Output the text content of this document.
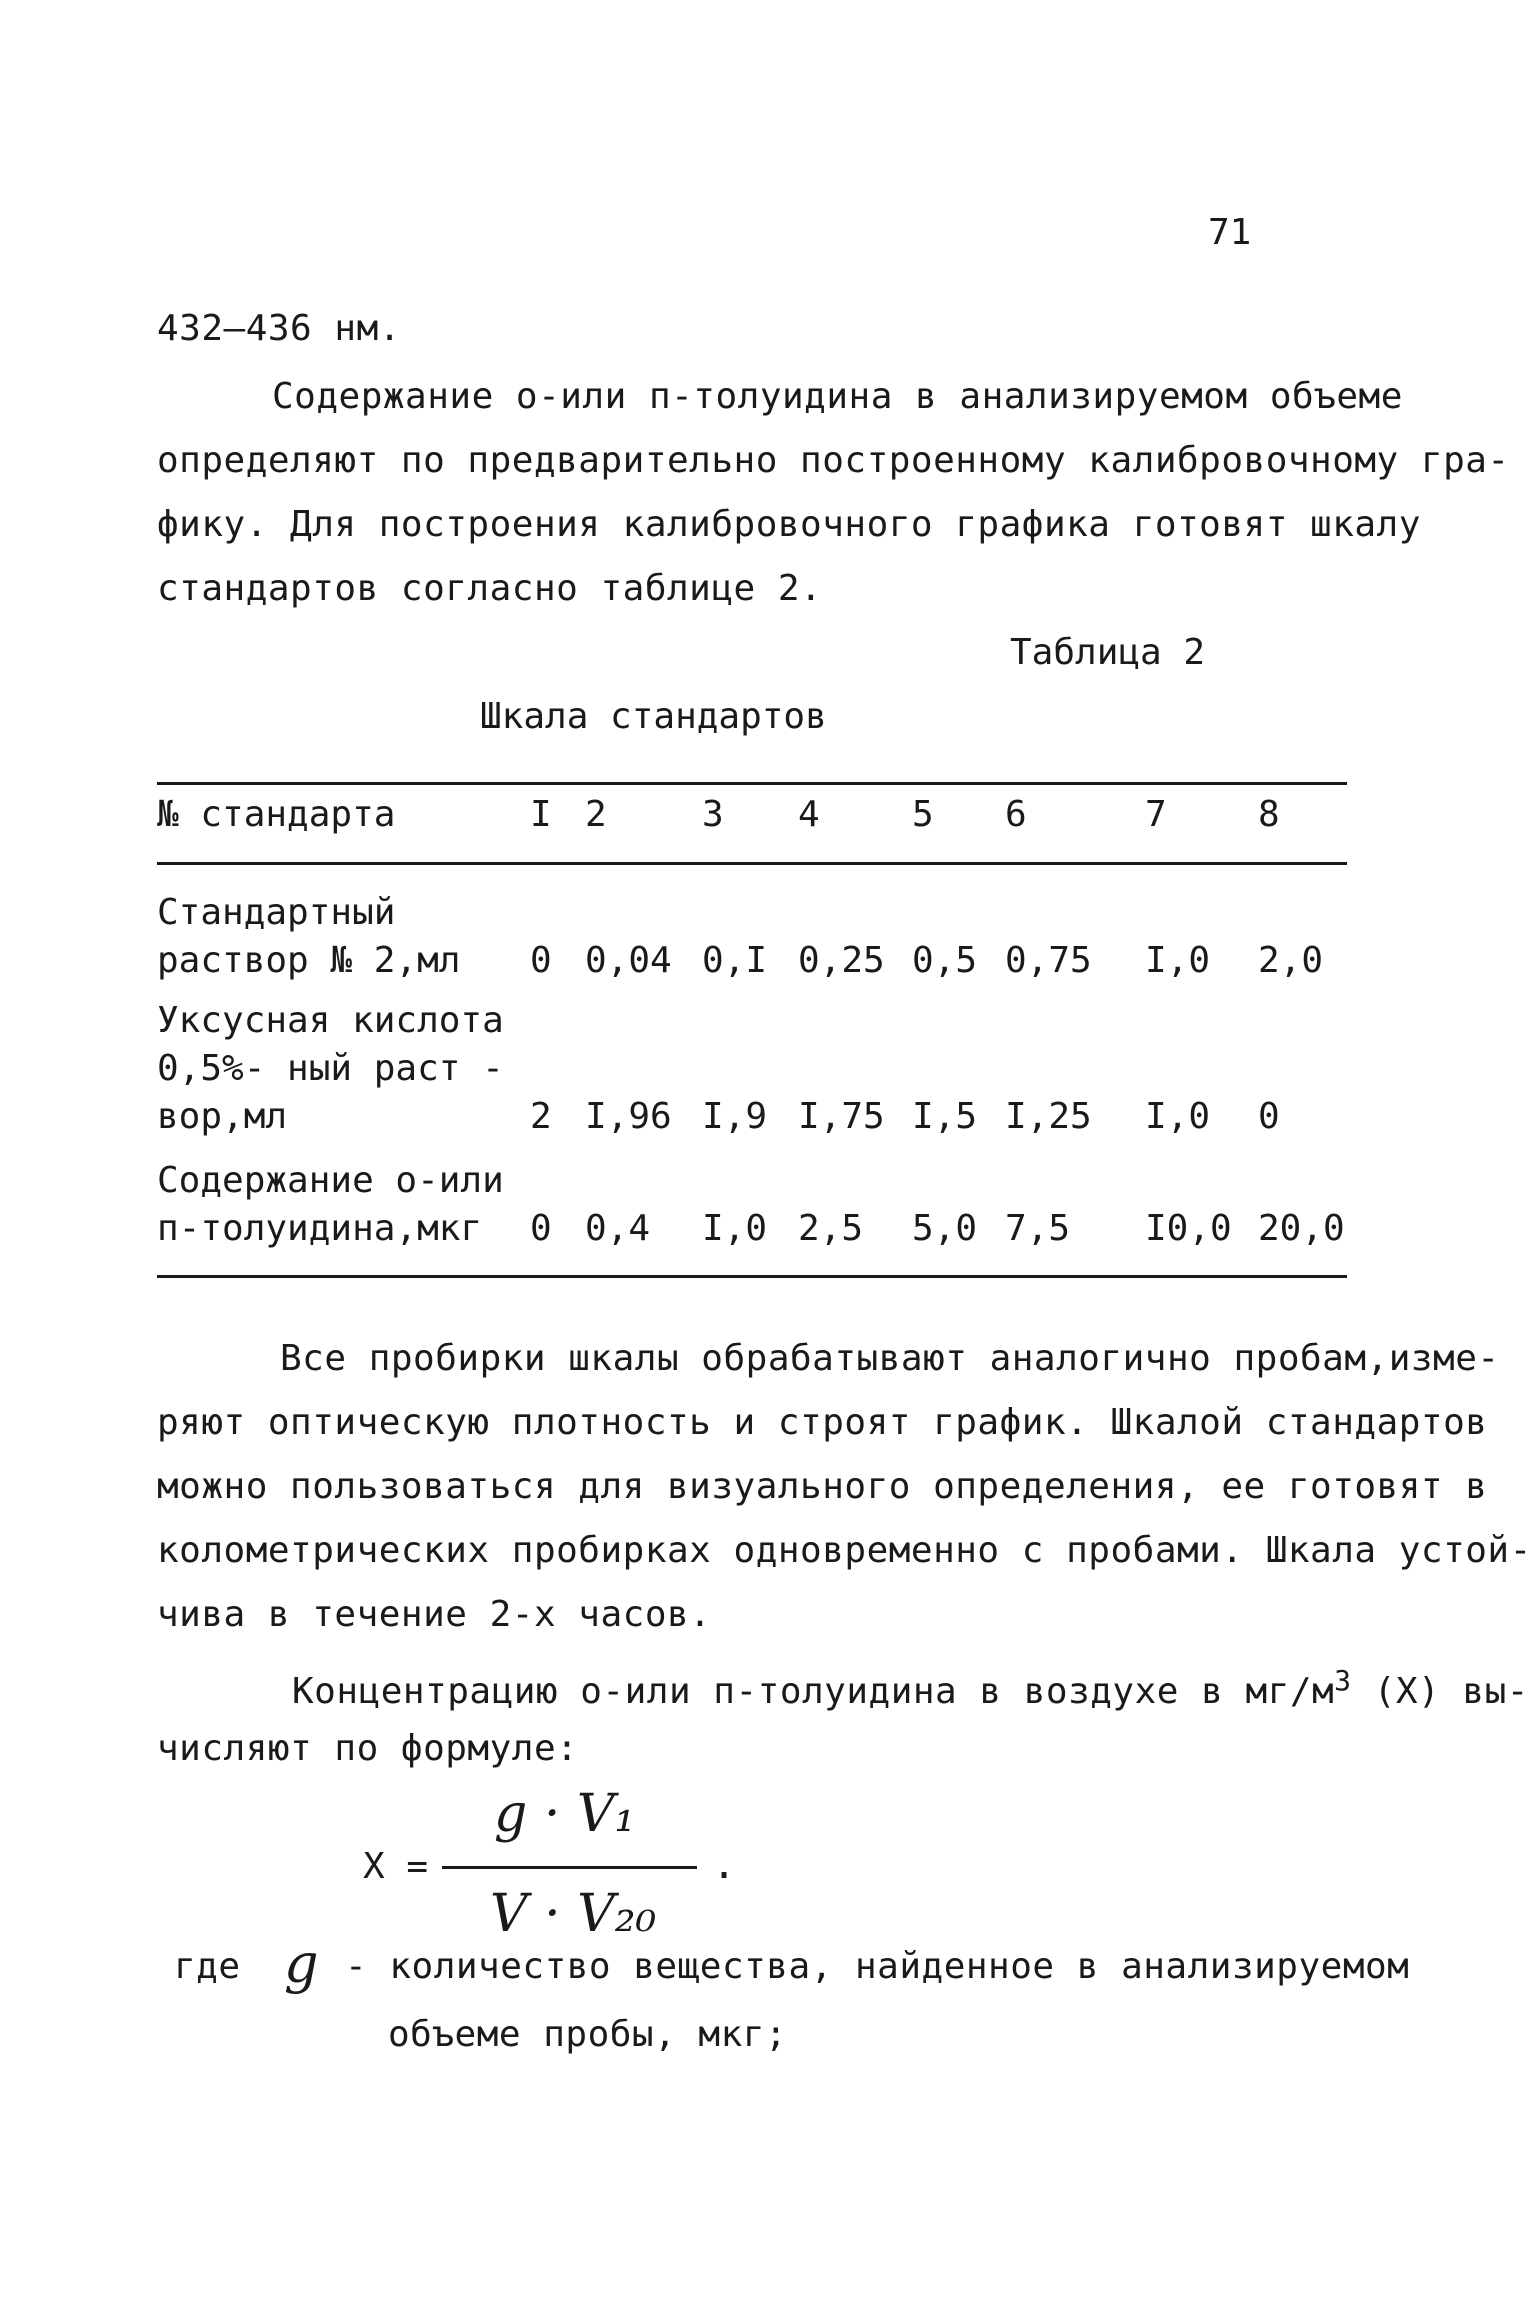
71
432–436 нм.
Содержание о-или п-толуидина в анализируемом объеме
определяют по предварительно построенному калибровочному гра-
фику. Для построения калибровочного графика готовят шкалу
стандартов согласно таблице 2.
Таблица 2
Шкала стандартов
№ стандарта	I 2	3 4	5 6	7	8
Стандартный
раствор № 2,мл 0 0,04 0,I 0,25 0,5 0,75 I,0 2,0
Уксусная кислота
0,5%- ный раст -
вор,мл	2 I,96 I,9 I,75 I,5 I,25 I,0 0
Содержание о-или
п-толуидина,мкг 0 0,4 I,0 2,5 5,0 7,5 I0,0 20,0
Все пробирки шкалы обрабатывают аналогично пробам,изме-
ряют оптическую плотность и строят график. Шкалой стандартов
можно пользоваться для визуального определения, ее готовят в
колометрических пробирках одновременно с пробами. Шкала устой-
чива в течение 2-х часов.
Концентрацию о-или п-толуидина в воздухе в $мг/м^3$ (X) вы-
числяют по формуле:
X =
g · V₁
.
V · V₂₀
где g - количество вещества, найденное в анализируемом
объеме пробы, мкг;
